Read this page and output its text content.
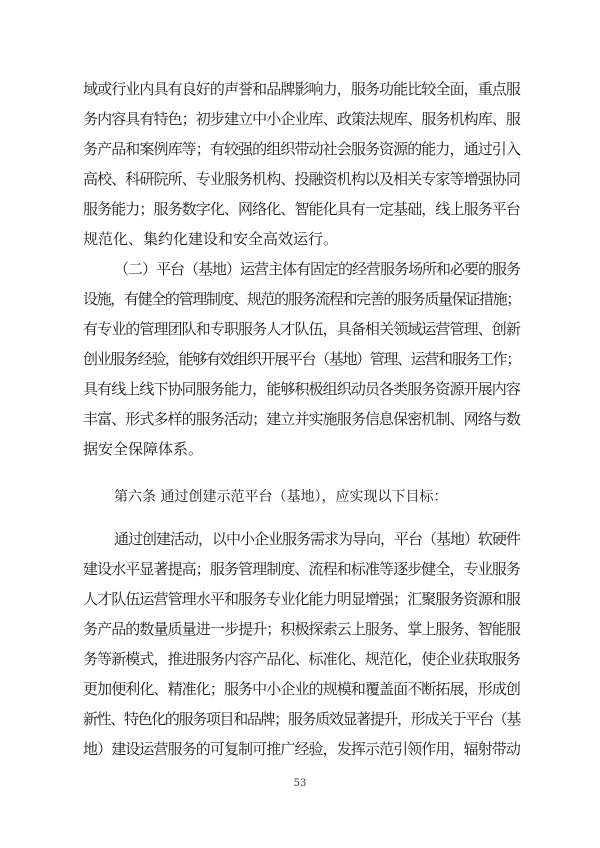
域或行业内具有良好的声誉和品牌影响力，服务功能比较全面，重点服
务内容具有特色；初步建立中小企业库、政策法规库、服务机构库、服
务产品和案例库等；有较强的组织带动社会服务资源的能力，通过引入
高校、科研院所、专业服务机构、投融资机构以及相关专家等增强协同
服务能力；服务数字化、网络化、智能化具有一定基础，线上服务平台
规范化、集约化建设和安全高效运行。
（二）平台（基地）运营主体有固定的经营服务场所和必要的服务
设施，有健全的管理制度、规范的服务流程和完善的服务质量保证措施；
有专业的管理团队和专职服务人才队伍，具备相关领域运营管理、创新
创业服务经验，能够有效组织开展平台（基地）管理、运营和服务工作；
具有线上线下协同服务能力，能够积极组织动员各类服务资源开展内容
丰富、形式多样的服务活动；建立并实施服务信息保密机制、网络与数
据安全保障体系。
第六条 通过创建示范平台（基地），应实现以下目标：
通过创建活动，以中小企业服务需求为导向，平台（基地）软硬件
建设水平显著提高；服务管理制度、流程和标准等逐步健全，专业服务
人才队伍运营管理水平和服务专业化能力明显增强；汇聚服务资源和服
务产品的数量质量进一步提升；积极探索云上服务、掌上服务、智能服
务等新模式，推进服务内容产品化、标准化、规范化，使企业获取服务
更加便利化、精准化；服务中小企业的规模和覆盖面不断拓展，形成创
新性、特色化的服务项目和品牌；服务质效显著提升，形成关于平台（基
地）建设运营服务的可复制可推广经验，发挥示范引领作用，辐射带动
53
